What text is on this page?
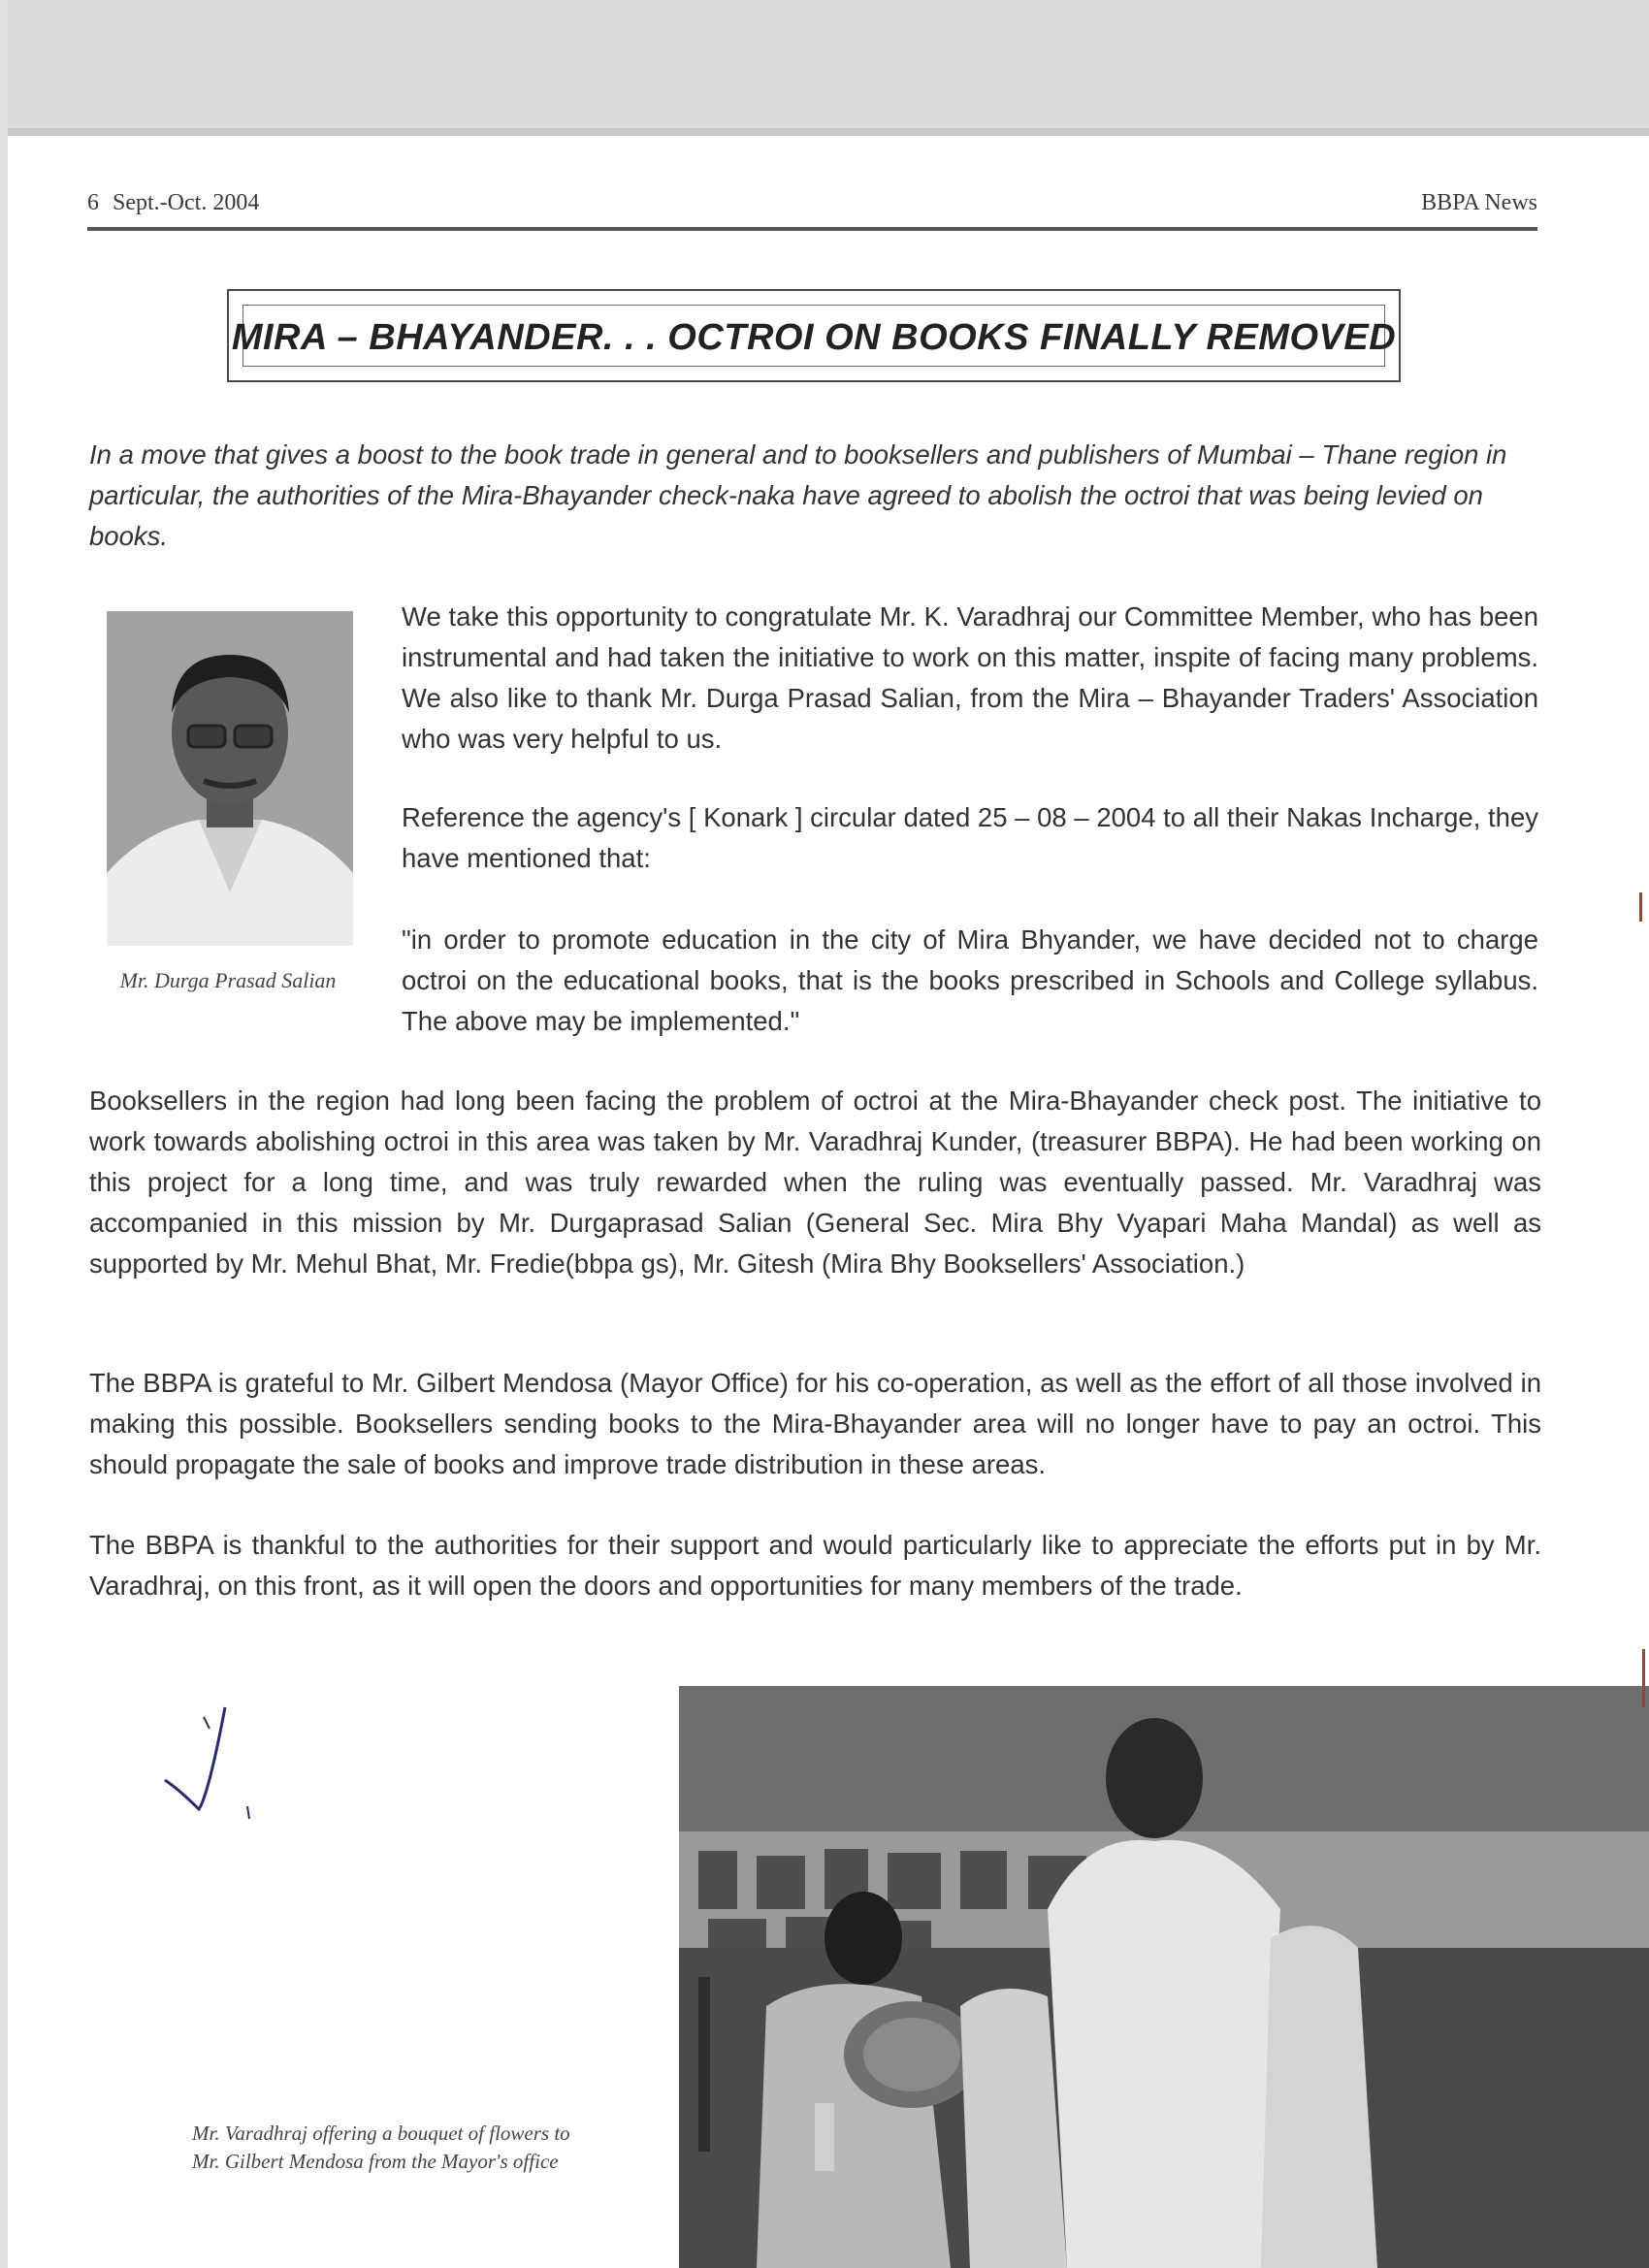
6 Sept.-Oct. 2004	BBPA News
MIRA – BHAYANDER. . . OCTROI ON BOOKS FINALLY REMOVED
In a move that gives a boost to the book trade in general and to booksellers and publishers of Mumbai – Thane region in particular, the authorities of the Mira-Bhayander check-naka have agreed to abolish the octroi that was being levied on books.
Mr. Durga Prasad Salian
We take this opportunity to congratulate Mr. K. Varadhraj our Committee Member, who has been instrumental and had taken the initiative to work on this matter, inspite of facing many problems. We also like to thank Mr. Durga Prasad Salian, from the Mira – Bhayander Traders' Association who was very helpful to us.
Reference the agency's [ Konark ] circular dated 25 – 08 – 2004 to all their Nakas Incharge, they have mentioned that:
"in order to promote education in the city of Mira Bhyander, we have decided not to charge octroi on the educational books, that is the books prescribed in Schools and College syllabus. The above may be implemented."
Booksellers in the region had long been facing the problem of octroi at the Mira-Bhayander check post. The initiative to work towards abolishing octroi in this area was taken by Mr. Varadhraj Kunder, (treasurer BBPA). He had been working on this project for a long time, and was truly rewarded when the ruling was eventually passed. Mr. Varadhraj was accompanied in this mission by Mr. Durgaprasad Salian (General Sec. Mira Bhy Vyapari Maha Mandal) as well as supported by Mr. Mehul Bhat, Mr. Fredie(bbpa gs), Mr. Gitesh (Mira Bhy Booksellers' Association.)
The BBPA is grateful to Mr. Gilbert Mendosa (Mayor Office) for his co-operation, as well as the effort of all those involved in making this possible. Booksellers sending books to the Mira-Bhayander area will no longer have to pay an octroi. This should propagate the sale of books and improve trade distribution in these areas.
The BBPA is thankful to the authorities for their support and would particularly like to appreciate the efforts put in by Mr. Varadhraj, on this front, as it will open the doors and opportunities for many members of the trade.
Mr. Varadhraj offering a bouquet of flowers to
Mr. Gilbert Mendosa from the Mayor's office
